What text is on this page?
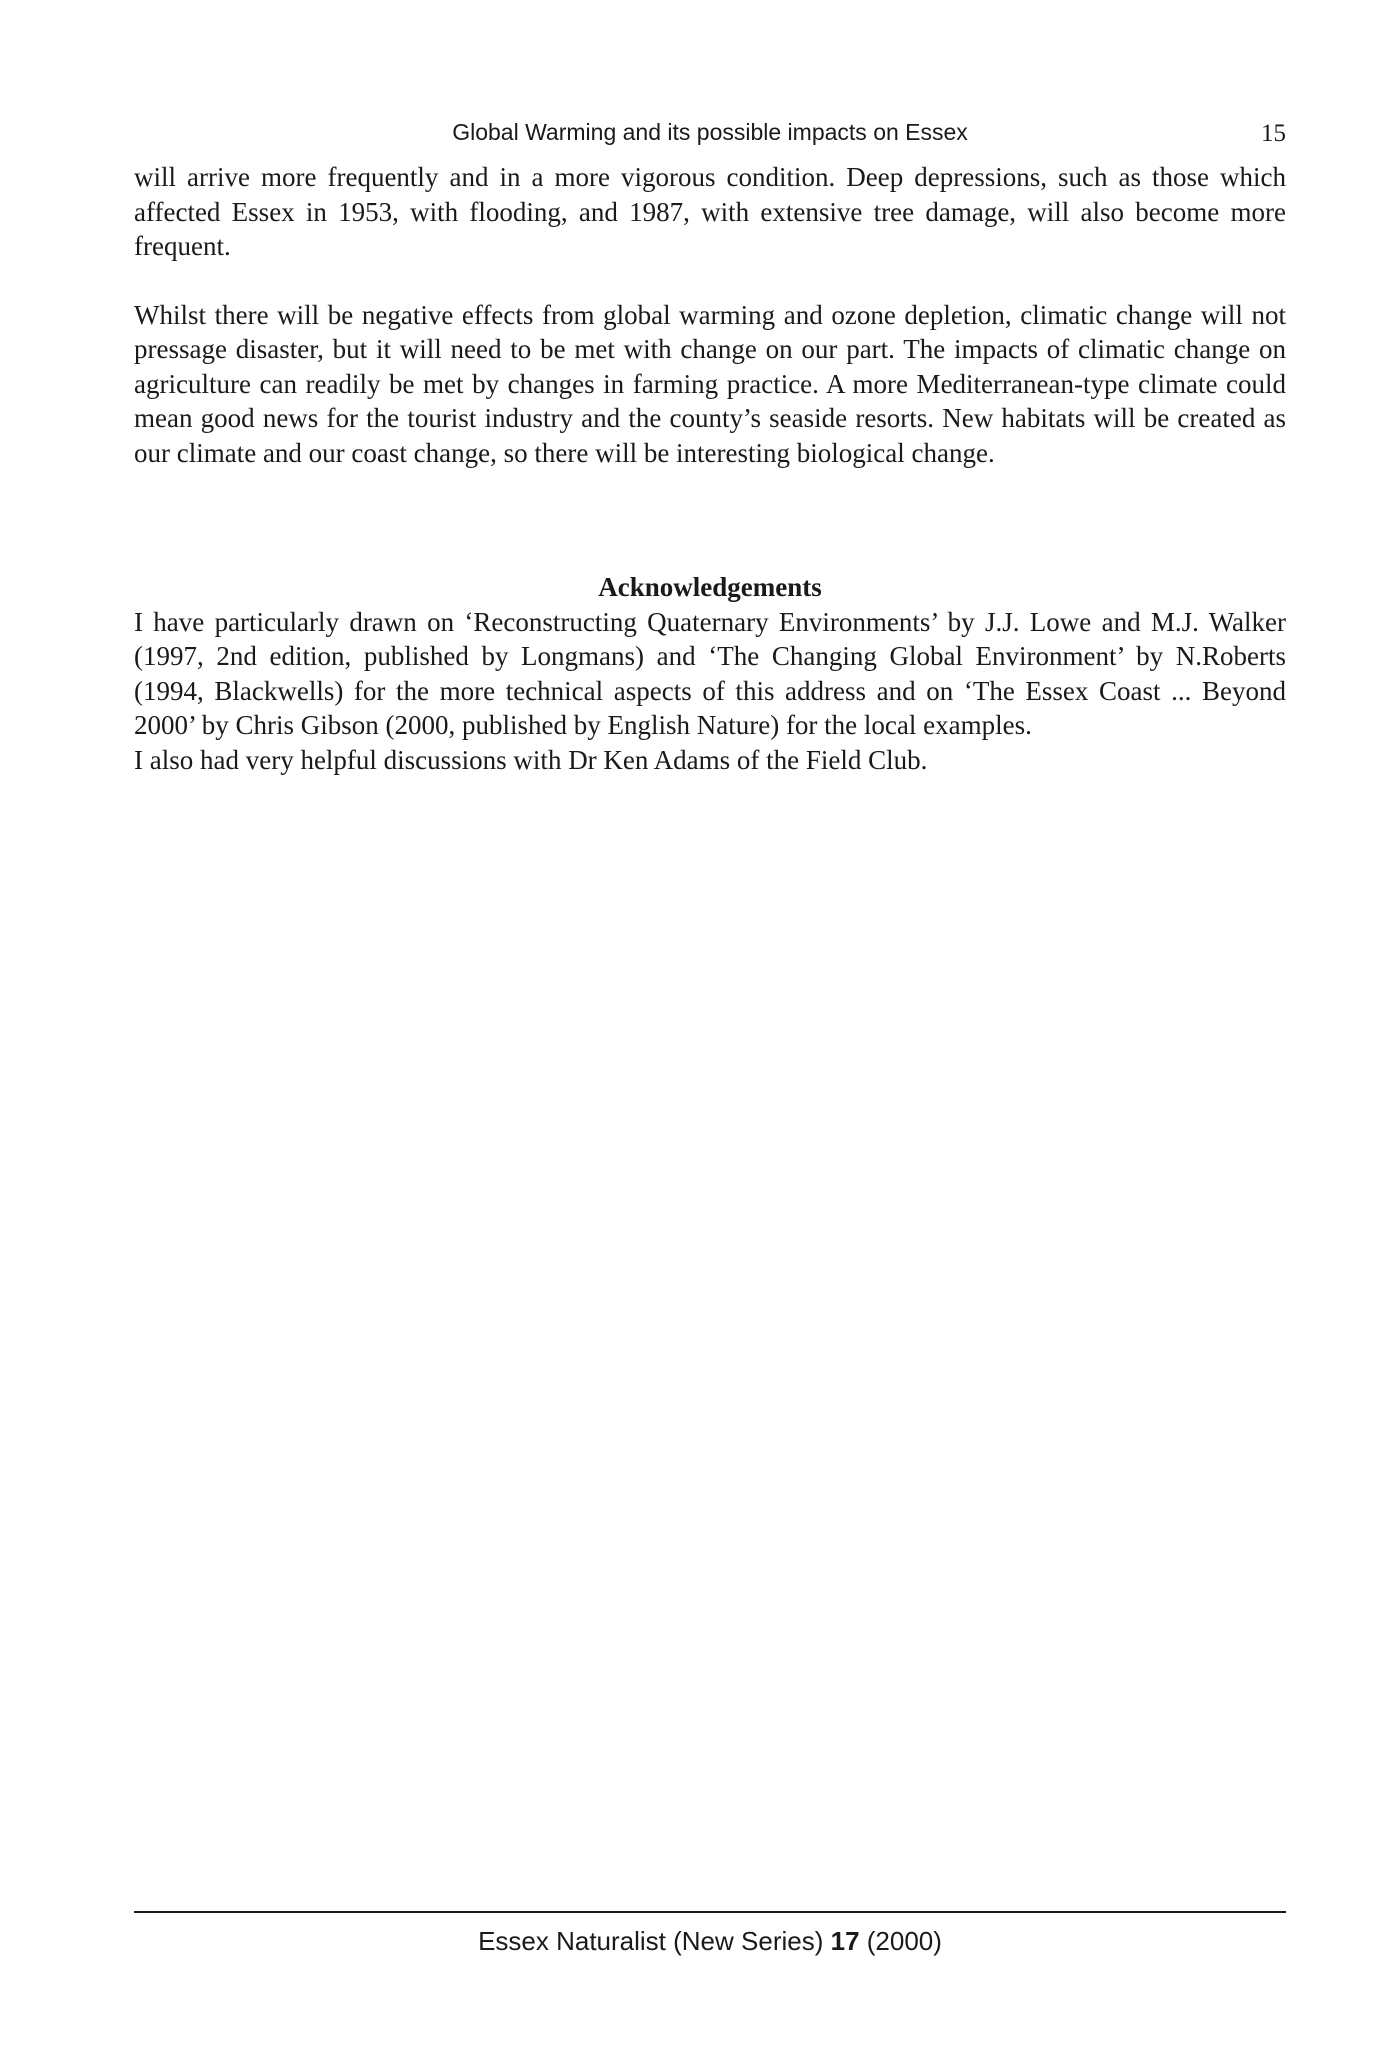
Global Warming and its possible impacts on Essex	15

will arrive more frequently and in a more vigorous condition. Deep depressions, such as those which affected Essex in 1953, with flooding, and 1987, with extensive tree damage, will also become more frequent.

Whilst there will be negative effects from global warming and ozone depletion, climatic change will not pressage disaster, but it will need to be met with change on our part. The impacts of climatic change on agriculture can readily be met by changes in farming practice. A more Mediterranean-type climate could mean good news for the tourist industry and the county’s seaside resorts. New habitats will be created as our climate and our coast change, so there will be interesting biological change.

Acknowledgements

I have particularly drawn on ‘Reconstructing Quaternary Environments’ by J.J. Lowe and M.J. Walker (1997, 2nd edition, published by Longmans) and ‘The Changing Global Environment’ by N.Roberts (1994, Blackwells) for the more technical aspects of this address and on ‘The Essex Coast ... Beyond 2000’ by Chris Gibson (2000, published by English Nature) for the local examples.

I also had very helpful discussions with Dr Ken Adams of the Field Club.

Essex Naturalist (New Series) 17 (2000)
